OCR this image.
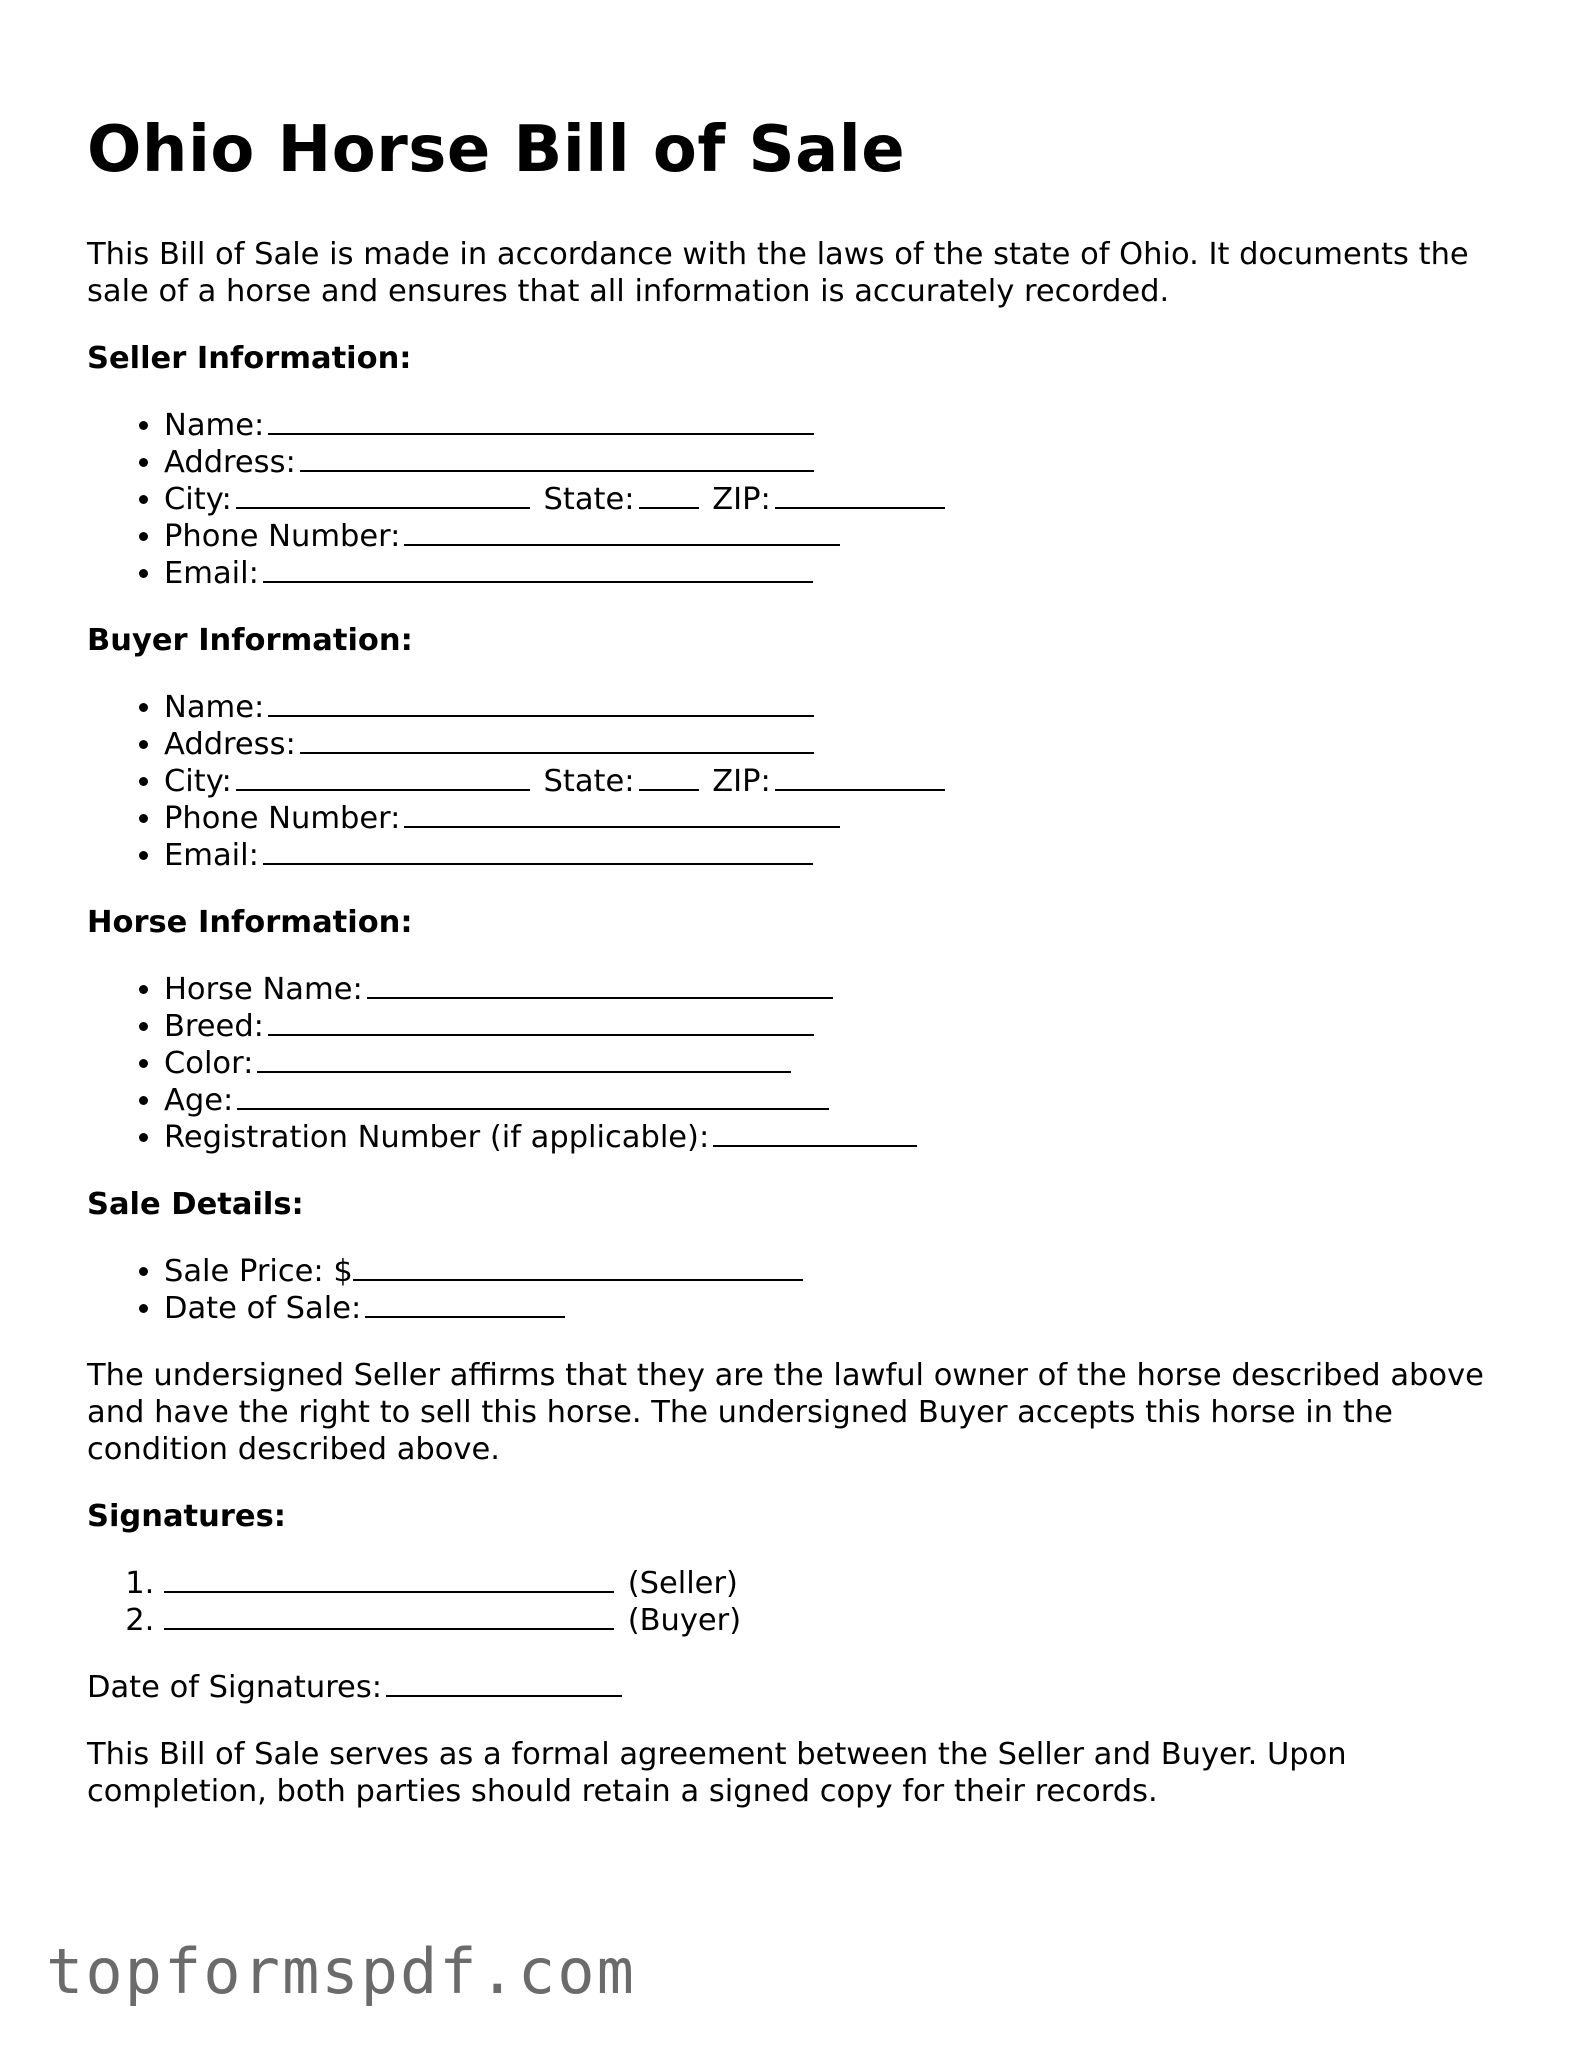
Ohio Horse Bill of Sale

This Bill of Sale is made in accordance with the laws of the state of Ohio. It documents the sale of a horse and ensures that all information is accurately recorded.

Seller Information:
• Name:
• Address:
• City:	State:	ZIP:
• Phone Number:
• Email:
Buyer Information:
• Name:
• Address:
• City:	State:	ZIP:
• Phone Number:
• Email:
Horse Information:
• Horse Name:
• Breed:
• Color:
• Age:
• Registration Number (if applicable):
Sale Details:
• Sale Price: $
• Date of Sale:

The undersigned Seller affirms that they are the lawful owner of the horse described above and have the right to sell this horse. The undersigned Buyer accepts this horse in the condition described above.

Signatures:
1. (Seller)
2. (Buyer)

Date of Signatures:

This Bill of Sale serves as a formal agreement between the Seller and Buyer. Upon completion, both parties should retain a signed copy for their records.

topformspdf.com
